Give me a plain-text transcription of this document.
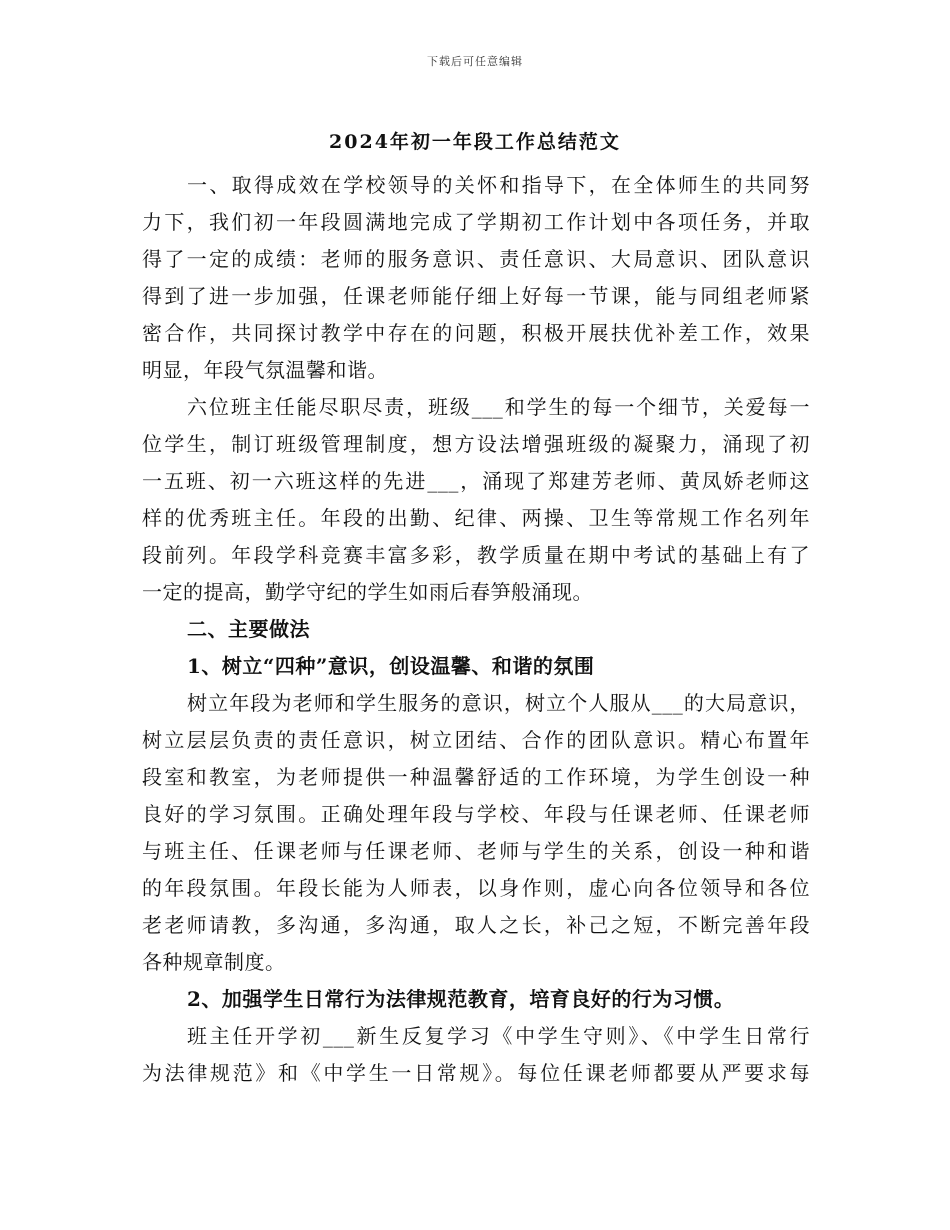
下载后可任意编辑
2024年初一年段工作总结范文
一、取得成效在学校领导的关怀和指导下，在全体师生的共同努
力下，我们初一年段圆满地完成了学期初工作计划中各项任务，并取
得了一定的成绩：老师的服务意识、责任意识、大局意识、团队意识
得到了进一步加强，任课老师能仔细上好每一节课，能与同组老师紧
密合作，共同探讨教学中存在的问题，积极开展扶优补差工作，效果
明显，年段气氛温馨和谐。
六位班主任能尽职尽责，班级___和学生的每一个细节，关爱每一
位学生，制订班级管理制度，想方设法增强班级的凝聚力，涌现了初
一五班、初一六班这样的先进___，涌现了郑建芳老师、黄凤娇老师这
样的优秀班主任。年段的出勤、纪律、两操、卫生等常规工作名列年
段前列。年段学科竞赛丰富多彩，教学质量在期中考试的基础上有了
一定的提高，勤学守纪的学生如雨后春笋般涌现。
二、主要做法
1、树立“四种”意识，创设温馨、和谐的氛围
树立年段为老师和学生服务的意识，树立个人服从___的大局意识，
树立层层负责的责任意识，树立团结、合作的团队意识。精心布置年
段室和教室，为老师提供一种温馨舒适的工作环境，为学生创设一种
良好的学习氛围。正确处理年段与学校、年段与任课老师、任课老师
与班主任、任课老师与任课老师、老师与学生的关系，创设一种和谐
的年段氛围。年段长能为人师表，以身作则，虚心向各位领导和各位
老老师请教，多沟通，多沟通，取人之长，补己之短，不断完善年段
各种规章制度。
2、加强学生日常行为法律规范教育，培育良好的行为习惯。
班主任开学初___新生反复学习《中学生守则》、《中学生日常行
为法律规范》和《中学生一日常规》。每位任课老师都要从严要求每
